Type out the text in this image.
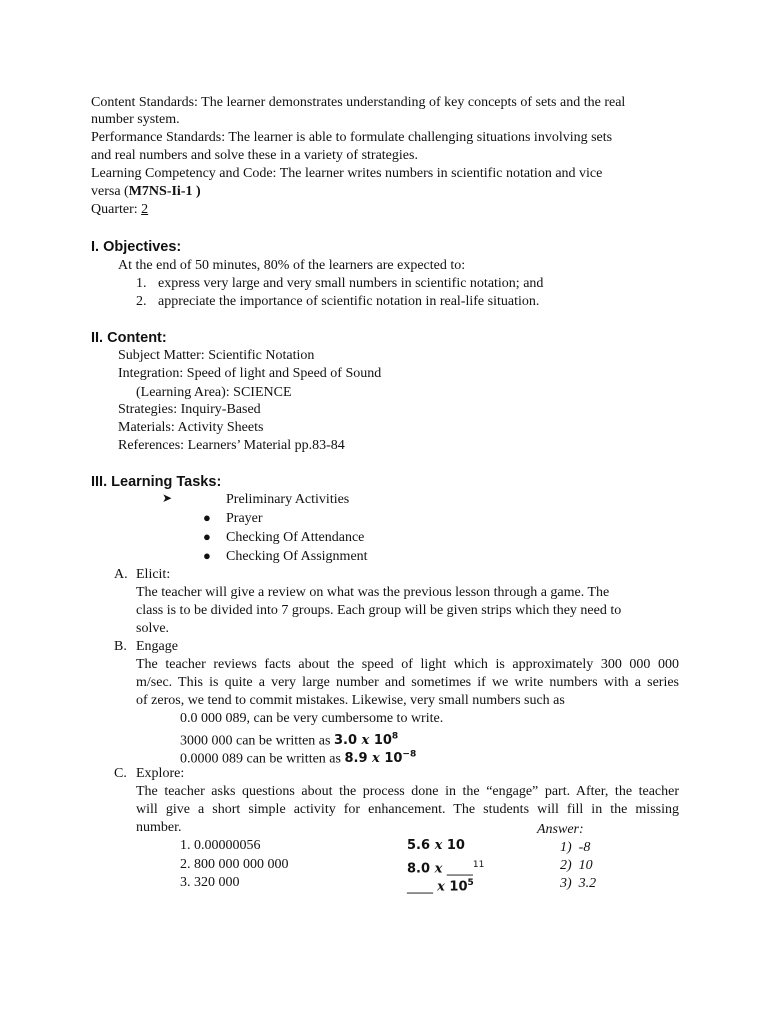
Content Standards: The learner demonstrates understanding of key concepts of sets and the real
number system.
Performance Standards: The learner is able to formulate challenging situations involving sets
and real numbers and solve these in a variety of strategies.
Learning Competency and Code: The learner writes numbers in scientific notation and vice
versa (M7NS-Ii-1 )
Quarter: 2
I. Objectives:
At the end of 50 minutes, 80% of the learners are expected to:
1. express very large and very small numbers in scientific notation; and
2. appreciate the importance of scientific notation in real-life situation.
II. Content:
Subject Matter: Scientific Notation
Integration: Speed of light and Speed of Sound
(Learning Area): SCIENCE
Strategies: Inquiry-Based
Materials: Activity Sheets
References: Learners’ Material pp.83-84
III. Learning Tasks:
➤	Preliminary Activities
● Prayer
● Checking Of Attendance
● Checking Of Assignment
A. Elicit:
The teacher will give a review on what was the previous lesson through a game. The
class is to be divided into 7 groups. Each group will be given strips which they need to
solve.
B. Engage
The teacher reviews facts about the speed of light which is approximately 300 000 000
m/sec. This is quite a very large number and sometimes if we write numbers with a series
of zeros, we tend to commit mistakes. Likewise, very small numbers such as
0.0 000 089, can be very cumbersome to write.
3000 000 can be written as 3.0 x $10^8$
0.0000 089 can be written as 8.9 x $10^{-8}$
C. Explore:
The teacher asks questions about the process done in the “engage” part. After, the teacher
will give a short simple activity for enhancement. The students will fill in the missing
number.	Answer:
1. 0.00000056	5.6 x 10	1) -8
2. 800 000 000 000	8.0 x ____$^{11}$	2) 10
3. 320 000	____ x $10^5$	3) 3.2
